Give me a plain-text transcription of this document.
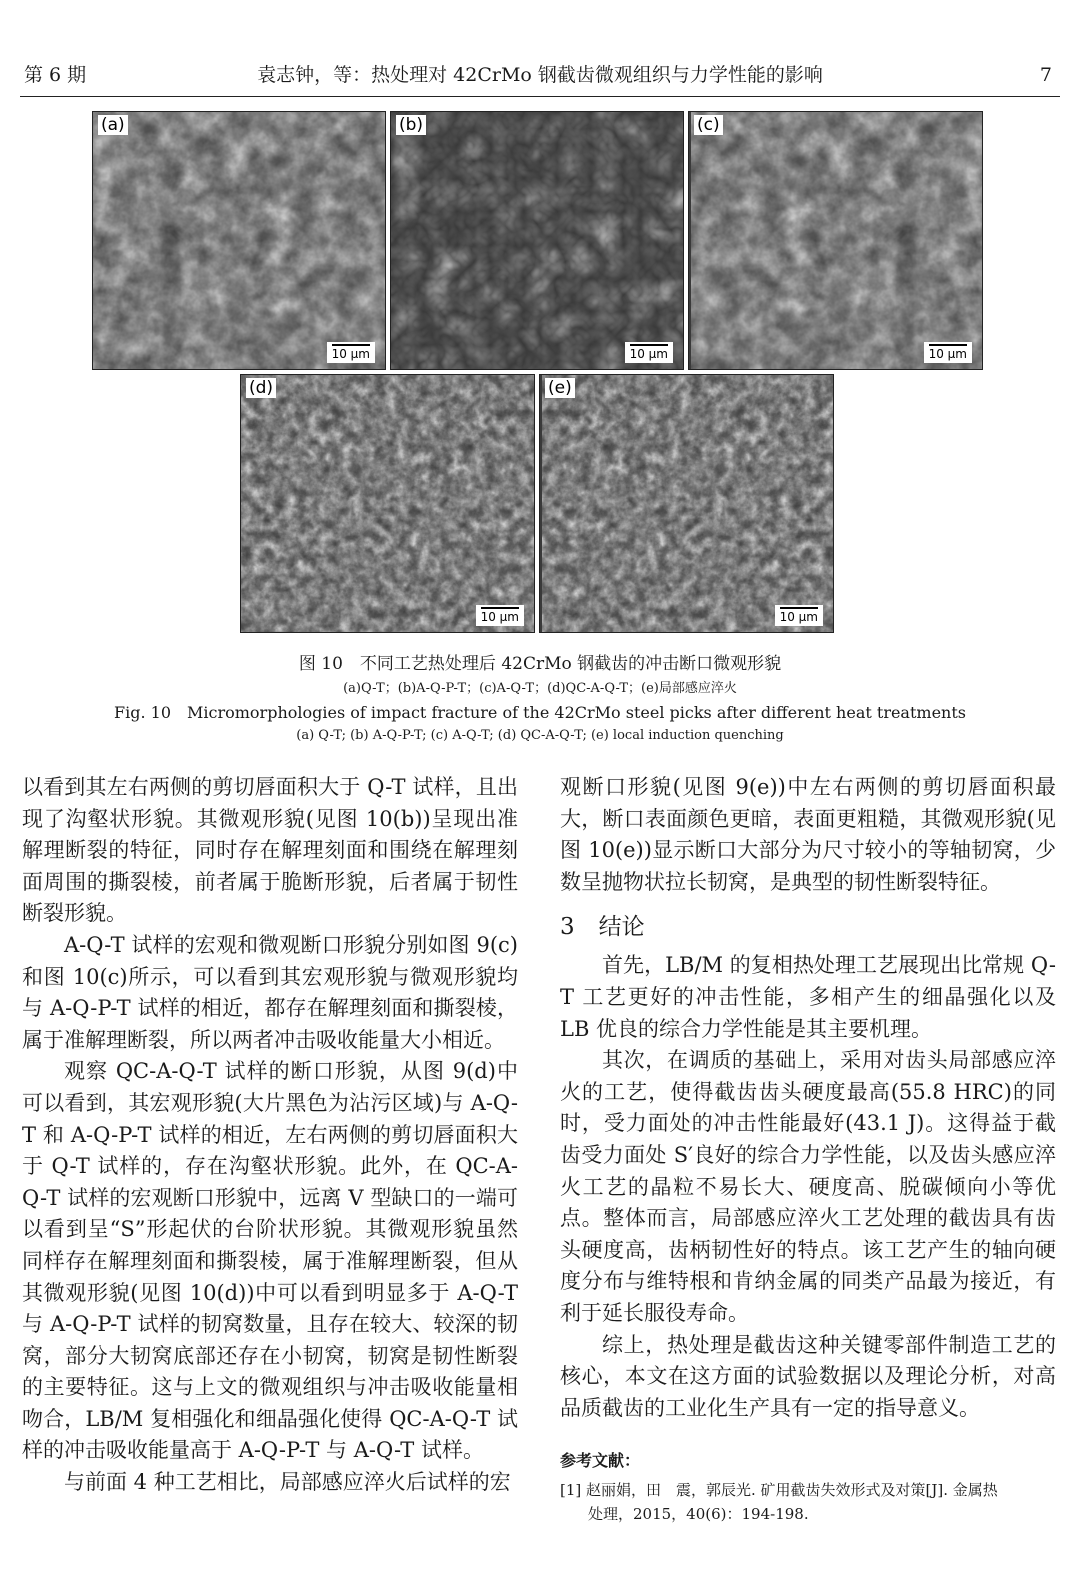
第 6 期	袁志钟，等：热处理对 42CrMo 钢截齿微观组织与力学性能的影响	7
(a)
10 μm
(b)
10 μm
(c)
10 μm
(d)
10 μm
(e)
10 μm
图 10　不同工艺热处理后 42CrMo 钢截齿的冲击断口微观形貌
(a)Q-T；(b)A-Q-P-T；(c)A-Q-T；(d)QC-A-Q-T；(e)局部感应淬火
Fig. 10　Micromorphologies of impact fracture of the 42CrMo steel picks after different heat treatments
(a) Q-T; (b) A-Q-P-T; (c) A-Q-T; (d) QC-A-Q-T; (e) local induction quenching

以看到其左右两侧的剪切唇面积大于 Q-T 试样，且出现了沟壑状形貌。其微观形貌(见图 10(b))呈现出准解理断裂的特征，同时存在解理刻面和围绕在解理刻面周围的撕裂棱，前者属于脆断形貌，后者属于韧性断裂形貌。

A-Q-T 试样的宏观和微观断口形貌分别如图 9(c)和图 10(c)所示，可以看到其宏观形貌与微观形貌均与 A-Q-P-T 试样的相近，都存在解理刻面和撕裂棱，属于准解理断裂，所以两者冲击吸收能量大小相近。

观察 QC-A-Q-T 试样的断口形貌，从图 9(d)中可以看到，其宏观形貌(大片黑色为沾污区域)与 A-Q-T 和 A-Q-P-T 试样的相近，左右两侧的剪切唇面积大于 Q-T 试样的，存在沟壑状形貌。此外，在 QC-A-Q-T 试样的宏观断口形貌中，远离 V 型缺口的一端可以看到呈“S”形起伏的台阶状形貌。其微观形貌虽然同样存在解理刻面和撕裂棱，属于准解理断裂，但从其微观形貌(见图 10(d))中可以看到明显多于 A-Q-T 与 A-Q-P-T 试样的韧窝数量，且存在较大、较深的韧窝，部分大韧窝底部还存在小韧窝，韧窝是韧性断裂的主要特征。这与上文的微观组织与冲击吸收能量相吻合，LB/M 复相强化和细晶强化使得 QC-A-Q-T 试样的冲击吸收能量高于 A-Q-P-T 与 A-Q-T 试样。

与前面 4 种工艺相比，局部感应淬火后试样的宏

观断口形貌(见图 9(e))中左右两侧的剪切唇面积最大，断口表面颜色更暗，表面更粗糙，其微观形貌(见图 10(e))显示断口大部分为尺寸较小的等轴韧窝，少数呈抛物状拉长韧窝，是典型的韧性断裂特征。

3 结论

首先，LB/M 的复相热处理工艺展现出比常规 Q-T 工艺更好的冲击性能，多相产生的细晶强化以及 LB 优良的综合力学性能是其主要机理。

其次，在调质的基础上，采用对齿头局部感应淬火的工艺，使得截齿齿头硬度最高(55.8 HRC)的同时，受力面处的冲击性能最好(43.1 J)。这得益于截齿受力面处 S′良好的综合力学性能，以及齿头感应淬火工艺的晶粒不易长大、硬度高、脱碳倾向小等优点。整体而言，局部感应淬火工艺处理的截齿具有齿头硬度高，齿柄韧性好的特点。该工艺产生的轴向硬度分布与维特根和肯纳金属的同类产品最为接近，有利于延长服役寿命。

综上，热处理是截齿这种关键零部件制造工艺的核心，本文在这方面的试验数据以及理论分析，对高品质截齿的工业化生产具有一定的指导意义。

参考文献：

[1] 赵丽娟，田　震，郭辰光. 矿用截齿失效形式及对策[J]. 金属热
处理，2015，40(6)：194-198.
